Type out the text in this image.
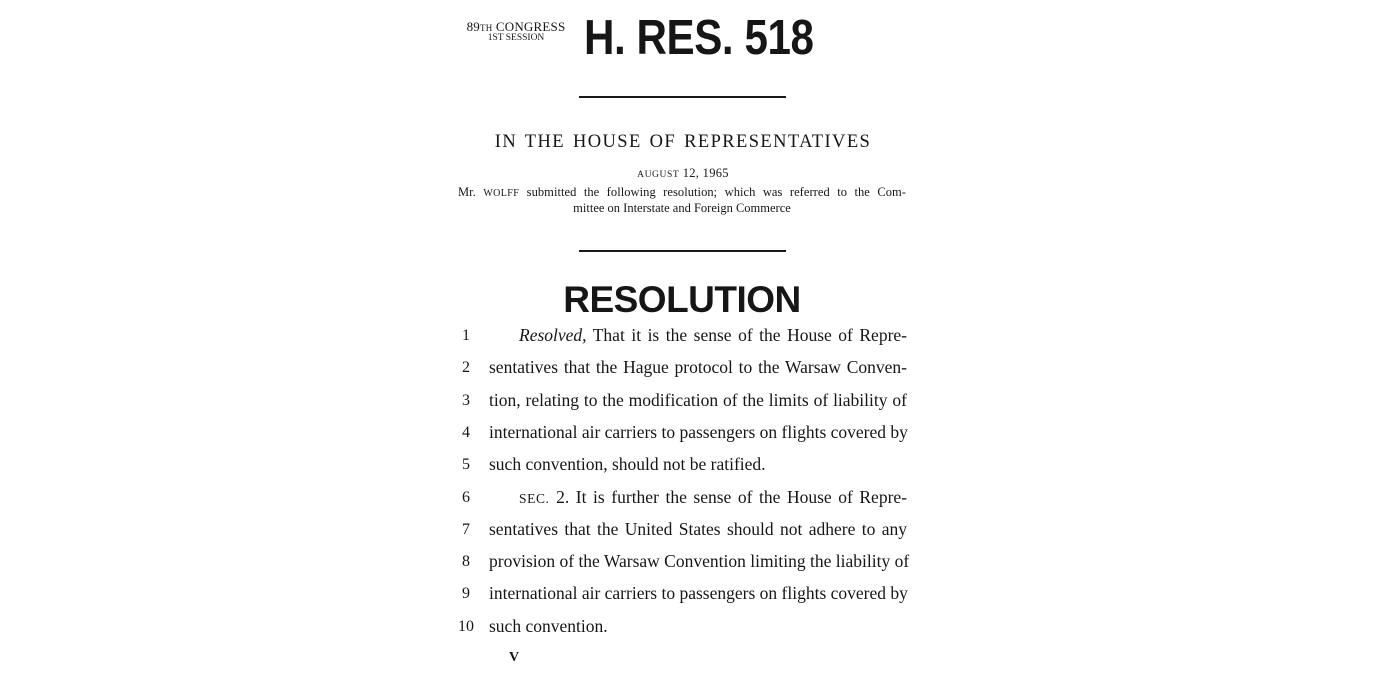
89TH CONGRESS
1ST SESSION H. RES. 518
IN THE HOUSE OF REPRESENTATIVES
AUGUST 12, 1965
Mr. WOLFF submitted the following resolution; which was referred to the Com-
mittee on Interstate and Foreign Commerce
RESOLUTION
1	Resolved, That it is the sense of the House of Repre-
2	sentatives that the Hague protocol to the Warsaw Conven-
3	tion, relating to the modification of the limits of liability of
4	international air carriers to passengers on flights covered by
5	such convention, should not be ratified.
6	SEC. 2. It is further the sense of the House of Repre-
7	sentatives that the United States should not adhere to any
8	provision of the Warsaw Convention limiting the liability of
9	international air carriers to passengers on flights covered by
10 such convention.
V
